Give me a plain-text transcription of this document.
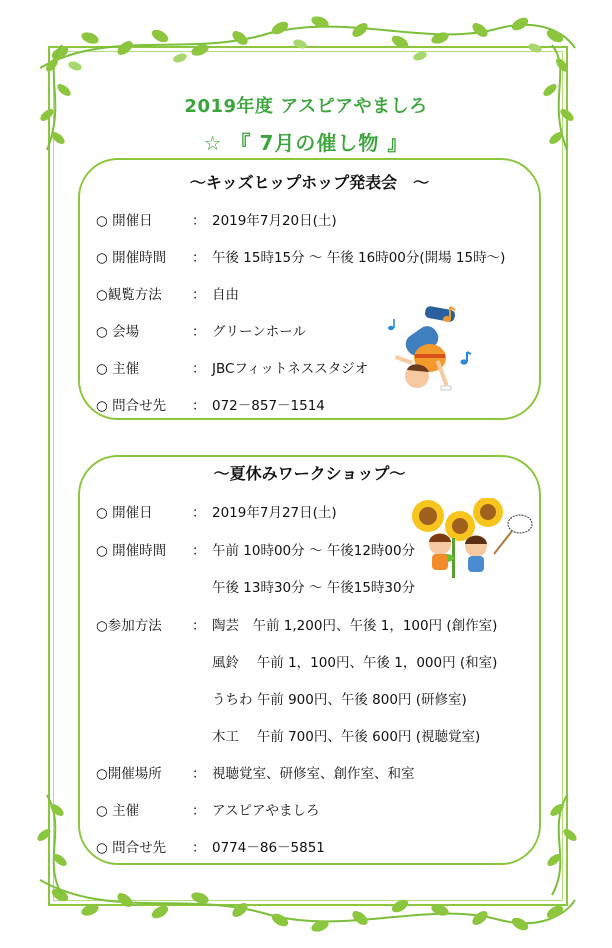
2019年度 アスピアやましろ
☆ 『 7月の催し物 』
～キッズヒップホップ発表会　～
○ 開催日	： 2019年7月20日(土)
○ 開催時間 ： 午後 15時15分 ～ 午後 16時00分(開場 15時～)
○観覧方法 ： 自由
○ 会場	： グリーンホール
○ 主催	： JBCフィットネススタジオ
○ 問合せ先 ： 072－857－1514
～夏休みワークショップ～
○ 開催日	： 2019年7月27日(土)
○ 開催時間 ： 午前 10時00分 ～ 午後12時00分
午後 13時30分 ～ 午後15時30分
○参加方法 ： 陶芸　午前 1,200円、午後 1，100円 (創作室)
風鈴　 午前 1，100円、午後 1，000円 (和室)
うちわ 午前 900円、午後 800円 (研修室)
木工　 午前 700円、午後 600円 (視聴覚室)
○開催場所 ： 視聴覚室、研修室、創作室、和室
○ 主催	： アスピアやましろ
○ 問合せ先 ： 0774－86－5851
